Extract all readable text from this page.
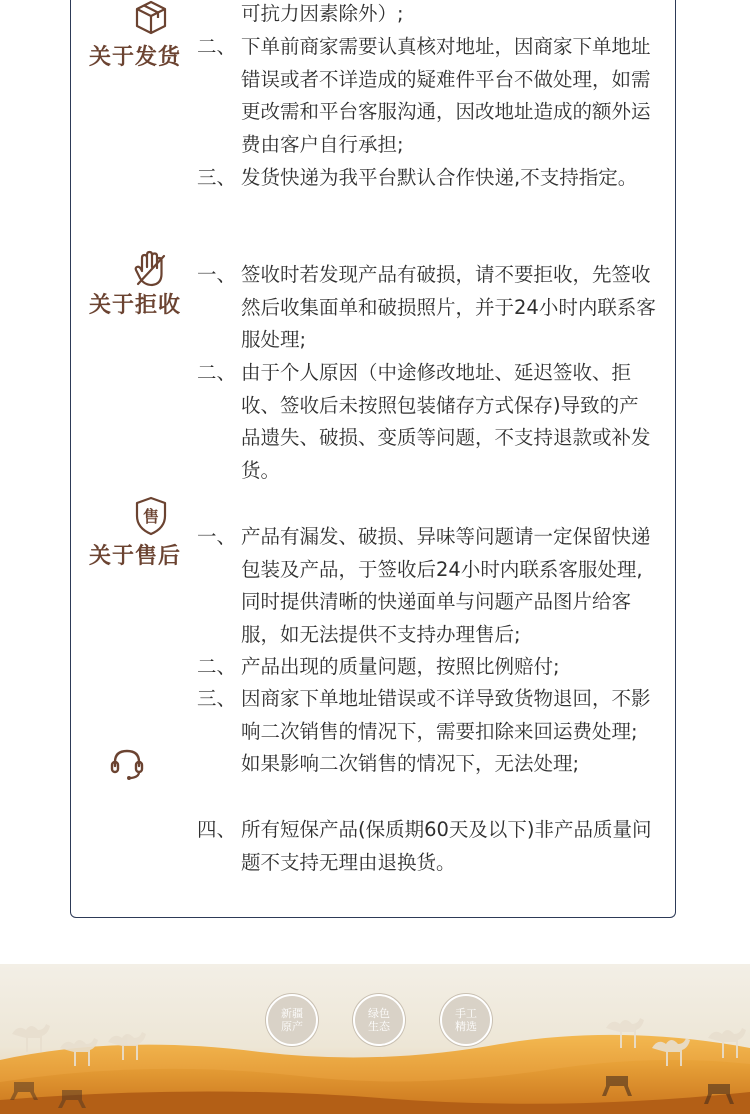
关于发货
可抗力因素除外）;
二、 下单前商家需要认真核对地址，因商家下单地址错误或者不详造成的疑难件平台不做处理，如需更改需和平台客服沟通，因改地址造成的额外运费由客户自行承担;
三、 发货快递为我平台默认合作快递,不支持指定。
关于拒收
一、 签收时若发现产品有破损，请不要拒收，先签收然后收集面单和破损照片，并于24小时内联系客服处理;
二、 由于个人原因（中途修改地址、延迟签收、拒收、签收后未按照包装储存方式保存)导致的产品遗失、破损、变质等问题，不支持退款或补发货。
售
关于售后
一、 产品有漏发、破损、异味等问题请一定保留快递包装及产品，于签收后24小时内联系客服处理,同时提供清晰的快递面单与问题产品图片给客服，如无法提供不支持办理售后;
二、 产品出现的质量问题，按照比例赔付;
三、 因商家下单地址错误或不详导致货物退回，不影响二次销售的情况下，需要扣除来回运费处理;如果影响二次销售的情况下，无法处理;
四、 所有短保产品(保质期60天及以下)非产品质量问题不支持无理由退换货。
新疆
原产
绿色
生态
手工
精选
